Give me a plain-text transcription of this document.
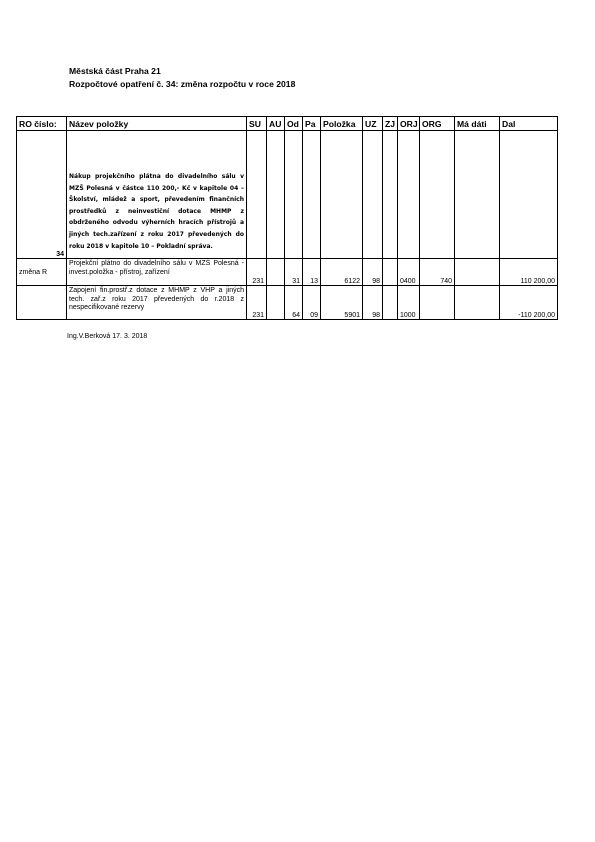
Městská část Praha 21
Rozpočtové opatření č. 34: změna rozpočtu v roce 2018
RO číslo:	Název položky	SU	AU	Od	Pa	Položka	UZ	ZJ	ORJ	ORG	Má dáti	Dal
34	Nákup projekčního plátna do divadelního sálu v MZŠ Polesná v částce 110 200,- Kč v kapitole 04 – Školství, mládež a sport, převedením finančních prostředků z neinvestiční dotace MHMP z obdrženého odvodu výherních hracích přístrojů a jiných tech.zařízení z roku 2017 převedených do roku 2018 v kapitole 10 – Pokladní správa.											

změna R	Projekční plátno do divadelního sálu v MZŠ Polesná - invest.položka - přístroj, zařízení	231		31	13	6122	98		0400	740		110 200,00
	Zapojení fin.prostř.z dotace z MHMP z VHP a jiných tech. zař.z roku 2017 převedených do r.2018 z nespecifikované rezervy	231		64	09	5901	98		1000			-110 200,00
Ing.V.Berková 17. 3. 2018
